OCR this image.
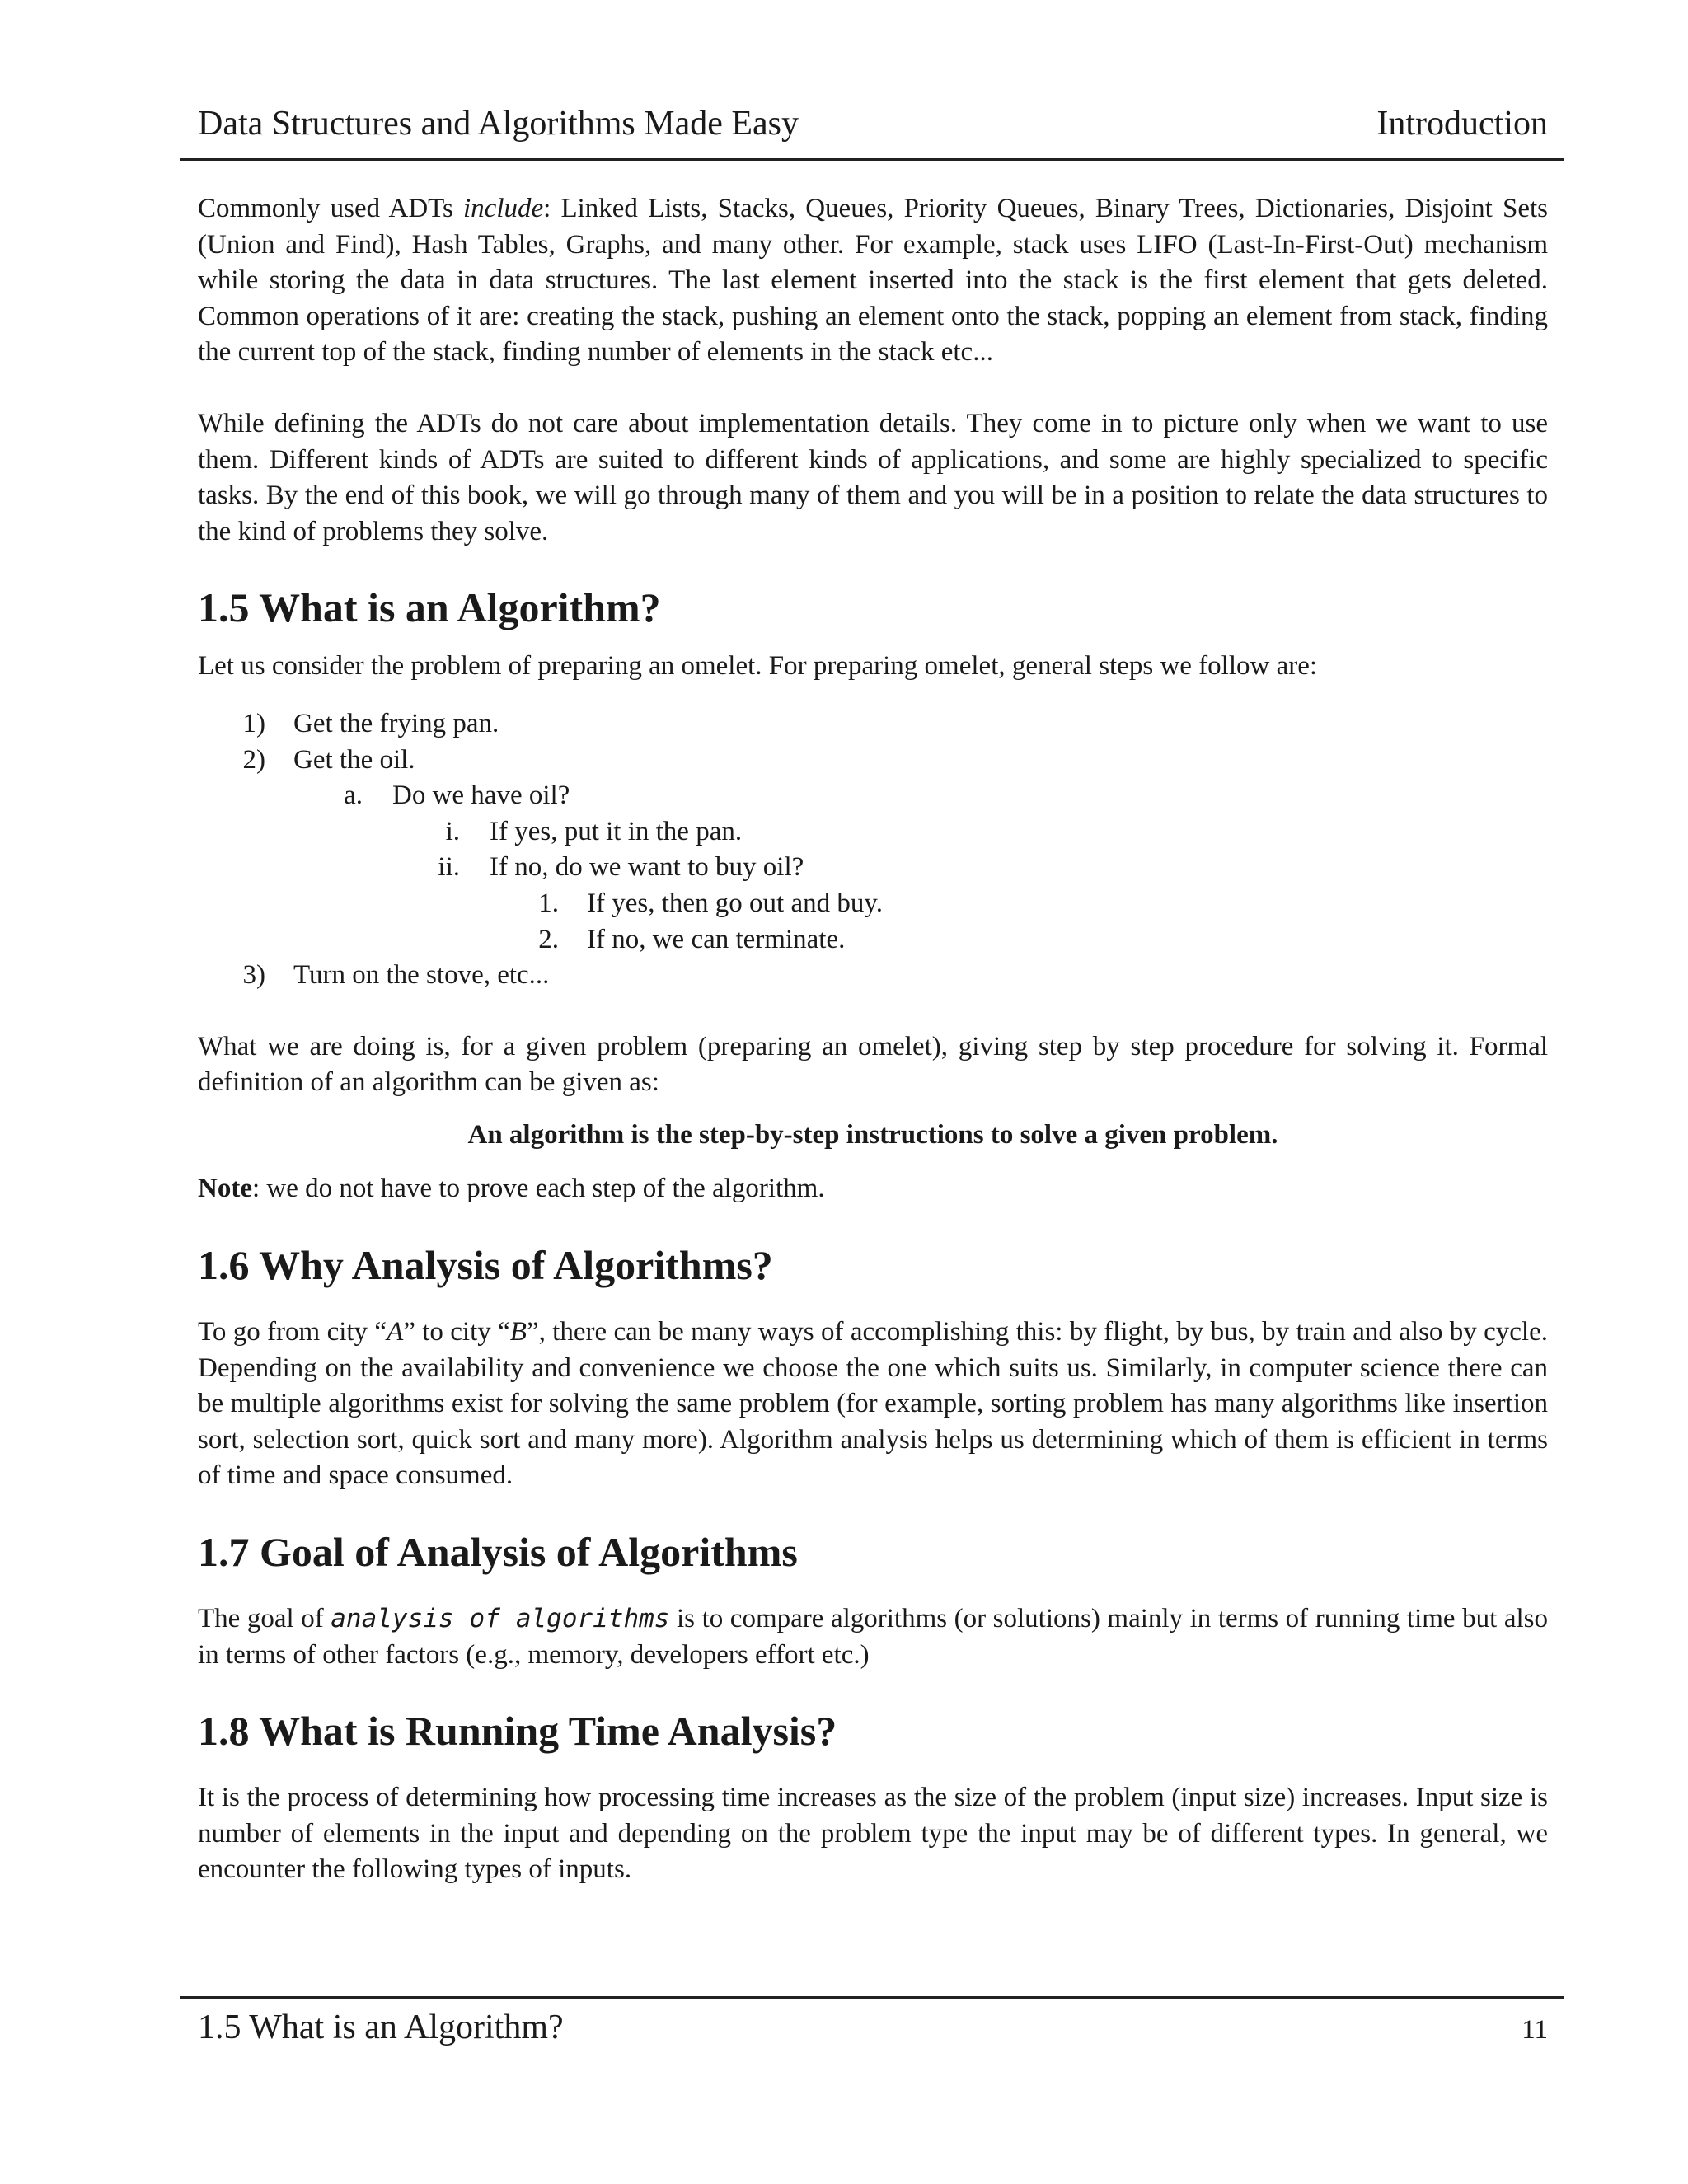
Data Structures and Algorithms Made Easy	Introduction

Commonly used ADTs include: Linked Lists, Stacks, Queues, Priority Queues, Binary Trees, Dictionaries, Disjoint Sets (Union and Find), Hash Tables, Graphs, and many other. For example, stack uses LIFO (Last-In-First-Out) mechanism while storing the data in data structures. The last element inserted into the stack is the first element that gets deleted. Common operations of it are: creating the stack, pushing an element onto the stack, popping an element from stack, finding the current top of the stack, finding number of elements in the stack etc...

While defining the ADTs do not care about implementation details. They come in to picture only when we want to use them. Different kinds of ADTs are suited to different kinds of applications, and some are highly specialized to specific tasks. By the end of this book, we will go through many of them and you will be in a position to relate the data structures to the kind of problems they solve.

1.5 What is an Algorithm?

Let us consider the problem of preparing an omelet. For preparing omelet, general steps we follow are:

1) Get the frying pan.
2) Get the oil.
a. Do we have oil?
i. If yes, put it in the pan.
ii. If no, do we want to buy oil?
1. If yes, then go out and buy.
2. If no, we can terminate.
3) Turn on the stove, etc...

What we are doing is, for a given problem (preparing an omelet), giving step by step procedure for solving it. Formal definition of an algorithm can be given as:

An algorithm is the step-by-step instructions to solve a given problem.

Note: we do not have to prove each step of the algorithm.

1.6 Why Analysis of Algorithms?

To go from city “A” to city “B”, there can be many ways of accomplishing this: by flight, by bus, by train and also by cycle. Depending on the availability and convenience we choose the one which suits us. Similarly, in computer science there can be multiple algorithms exist for solving the same problem (for example, sorting problem has many algorithms like insertion sort, selection sort, quick sort and many more). Algorithm analysis helps us determining which of them is efficient in terms of time and space consumed.

1.7 Goal of Analysis of Algorithms

The goal of analysis of algorithms is to compare algorithms (or solutions) mainly in terms of running time but also in terms of other factors (e.g., memory, developers effort etc.)

1.8 What is Running Time Analysis?

It is the process of determining how processing time increases as the size of the problem (input size) increases. Input size is number of elements in the input and depending on the problem type the input may be of different types. In general, we encounter the following types of inputs.

1.5 What is an Algorithm?	11
